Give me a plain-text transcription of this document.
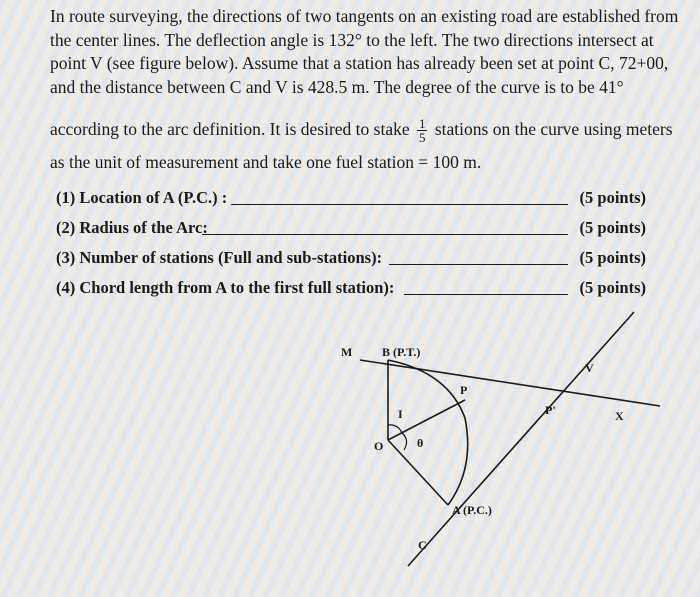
In route surveying, the directions of two tangents on an existing road are established from the center lines. The deflection angle is 132° to the left. The two directions intersect at point V (see figure below). Assume that a station has already been set at point C, 72+00, and the distance between C and V is 428.5 m. The degree of the curve is to be 41°

according to the arc definition. It is desired to stake $\frac{1}{5}$ stations on the curve using meters
as the unit of measurement and take one fuel station = 100 m.
(1) Location of A (P.C.) :	(5 points)
(2) Radius of the Arc:	(5 points)
(3) Number of stations (Full and sub-stations):	(5 points)
(4) Chord length from A to the first full station):	(5 points)
M B (P.T.)
V
P
P'	X
I
O	θ
A (P.C.)
C
